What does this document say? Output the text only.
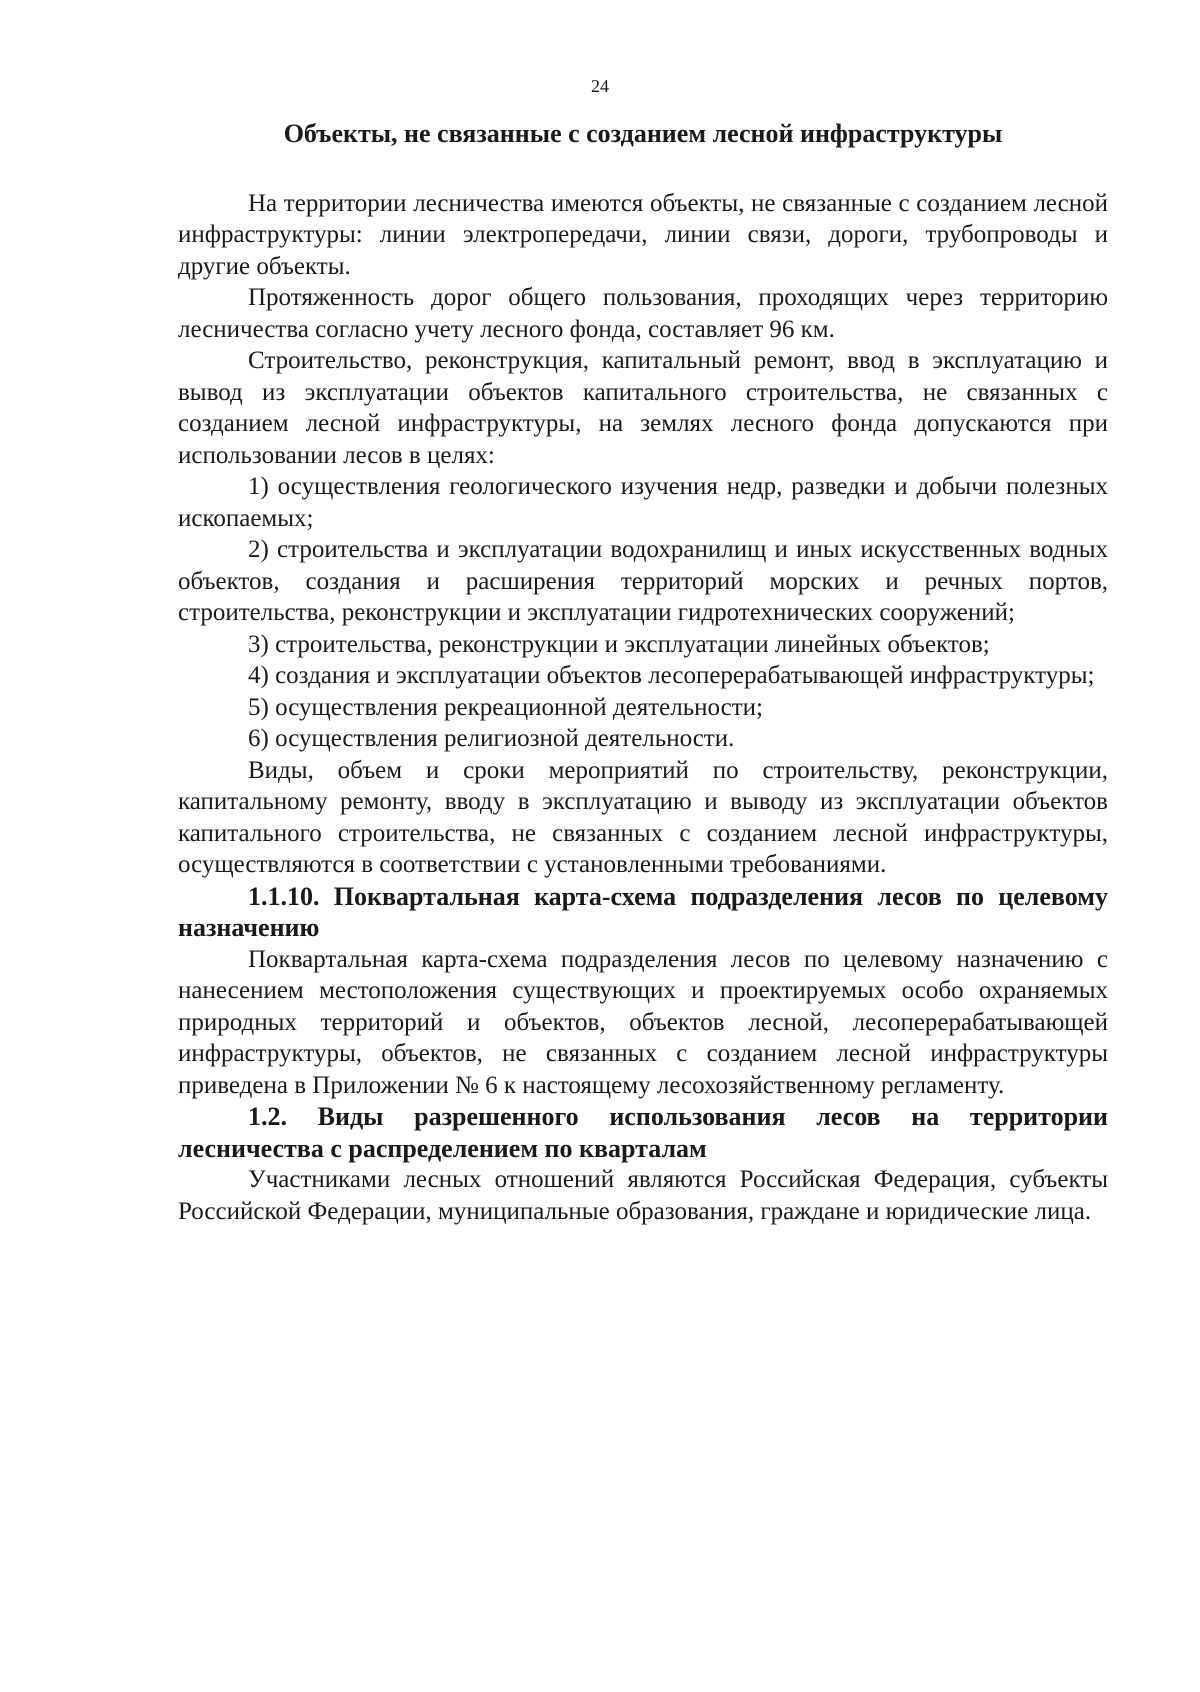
24
Объекты, не связанные с созданием лесной инфраструктуры

На территории лесничества имеются объекты, не связанные с созданием лесной инфраструктуры: линии электропередачи, линии связи, дороги, трубопроводы и другие объекты.

Протяженность дорог общего пользования, проходящих через территорию лесничества согласно учету лесного фонда, составляет 96 км.

Строительство, реконструкция, капитальный ремонт, ввод в эксплуатацию и вывод из эксплуатации объектов капитального строительства, не связанных с созданием лесной инфраструктуры, на землях лесного фонда допускаются при использовании лесов в целях:

1) осуществления геологического изучения недр, разведки и добычи полезных ископаемых;

2) строительства и эксплуатации водохранилищ и иных искусственных водных объектов, создания и расширения территорий морских и речных портов, строительства, реконструкции и эксплуатации гидротехнических сооружений;

3) строительства, реконструкции и эксплуатации линейных объектов;

4) создания и эксплуатации объектов лесоперерабатывающей инфраструктуры;

5) осуществления рекреационной деятельности;

6) осуществления религиозной деятельности.

Виды, объем и сроки мероприятий по строительству, реконструкции, капитальному ремонту, вводу в эксплуатацию и выводу из эксплуатации объектов капитального строительства, не связанных с созданием лесной инфраструктуры, осуществляются в соответствии с установленными требованиями.

1.1.10. Поквартальная карта-схема подразделения лесов по целевому назначению

Поквартальная карта-схема подразделения лесов по целевому назначению с нанесением местоположения существующих и проектируемых особо охраняемых природных территорий и объектов, объектов лесной, лесоперерабатывающей инфраструктуры, объектов, не связанных с созданием лесной инфраструктуры приведена в Приложении № 6 к настоящему лесохозяйственному регламенту.

1.2. Виды разрешенного использования лесов на территории лесничества с распределением по кварталам

Участниками лесных отношений являются Российская Федерация, субъекты Российской Федерации, муниципальные образования, граждане и юридические лица.
